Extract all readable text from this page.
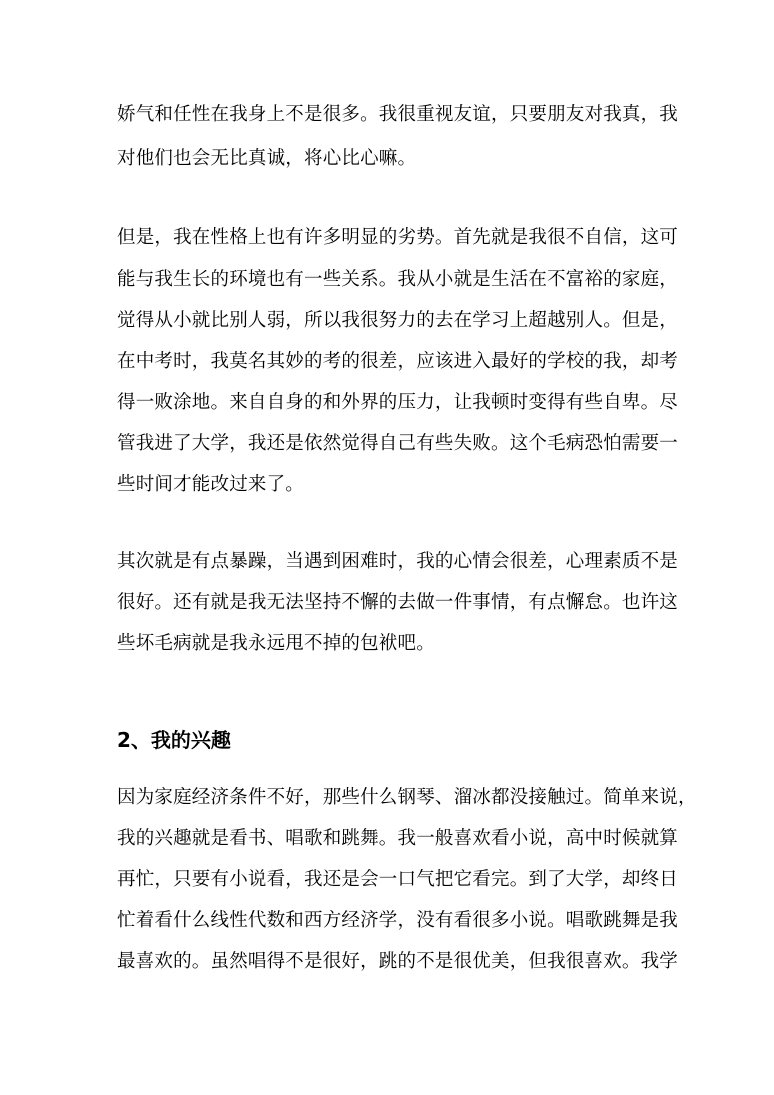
娇气和任性在我身上不是很多。我很重视友谊，只要朋友对我真，我
对他们也会无比真诚，将心比心嘛。
但是，我在性格上也有许多明显的劣势。首先就是我很不自信，这可
能与我生长的环境也有一些关系。我从小就是生活在不富裕的家庭，
觉得从小就比别人弱，所以我很努力的去在学习上超越别人。但是，
在中考时，我莫名其妙的考的很差，应该进入最好的学校的我，却考
得一败涂地。来自自身的和外界的压力，让我顿时变得有些自卑。尽
管我进了大学，我还是依然觉得自己有些失败。这个毛病恐怕需要一
些时间才能改过来了。
其次就是有点暴躁，当遇到困难时，我的心情会很差，心理素质不是
很好。还有就是我无法坚持不懈的去做一件事情，有点懈怠。也许这
些坏毛病就是我永远甩不掉的包袱吧。
2、我的兴趣
因为家庭经济条件不好，那些什么钢琴、溜冰都没接触过。简单来说，
我的兴趣就是看书、唱歌和跳舞。我一般喜欢看小说，高中时候就算
再忙，只要有小说看，我还是会一口气把它看完。到了大学，却终日
忙着看什么线性代数和西方经济学，没有看很多小说。唱歌跳舞是我
最喜欢的。虽然唱得不是很好，跳的不是很优美，但我很喜欢。我学
